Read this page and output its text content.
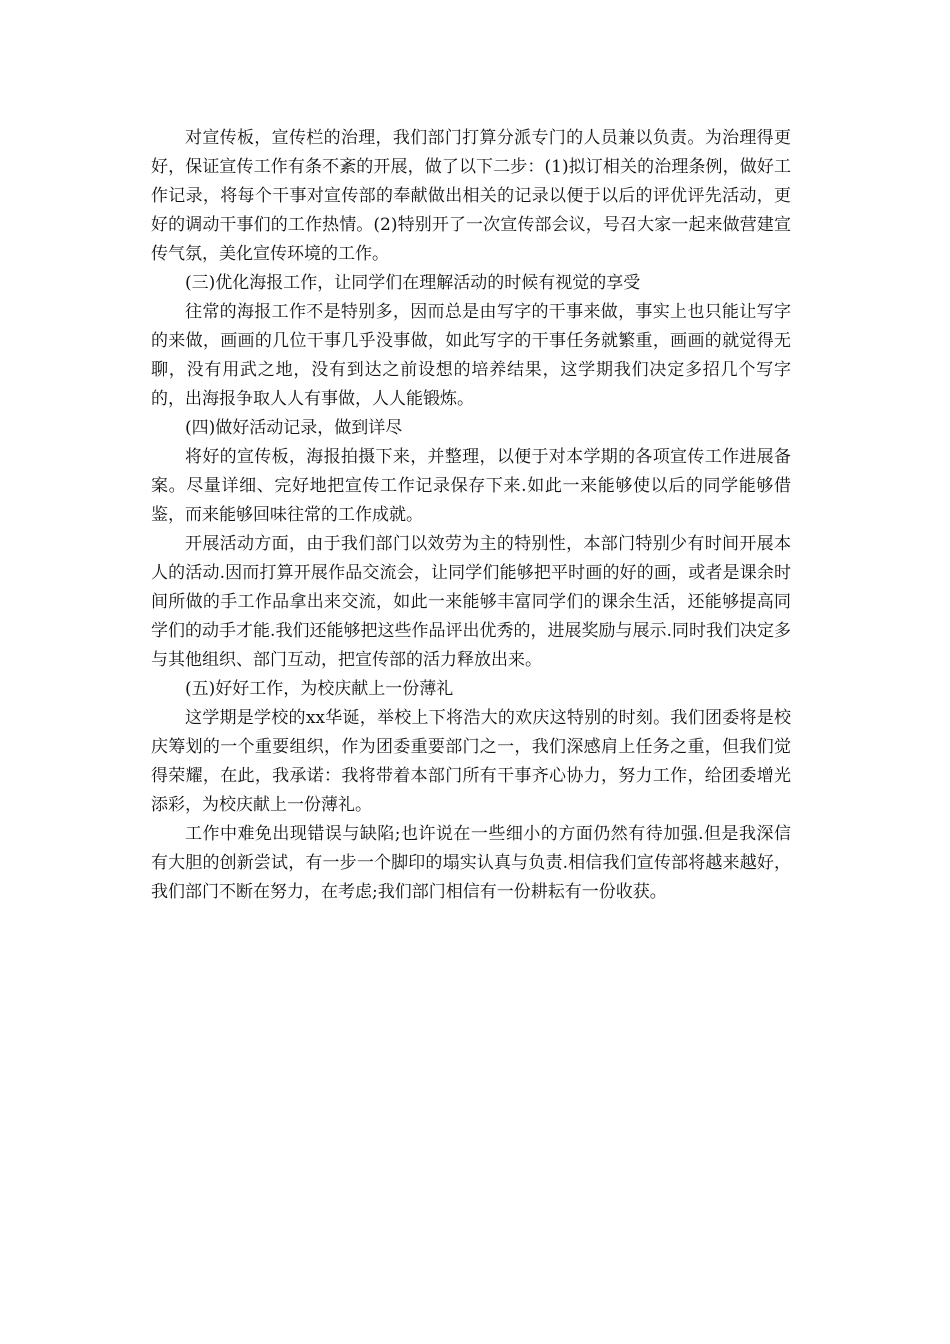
对宣传板，宣传栏的治理，我们部门打算分派专门的人员兼以负责。为治理得更好，保证宣传工作有条不紊的开展，做了以下二步：(1)拟订相关的治理条例，做好工作记录，将每个干事对宣传部的奉献做出相关的记录以便于以后的评优评先活动，更好的调动干事们的工作热情。(2)特别开了一次宣传部会议，号召大家一起来做营建宣传气氛，美化宣传环境的工作。

(三)优化海报工作，让同学们在理解活动的时候有视觉的享受

往常的海报工作不是特别多，因而总是由写字的干事来做，事实上也只能让写字的来做，画画的几位干事几乎没事做，如此写字的干事任务就繁重，画画的就觉得无聊，没有用武之地，没有到达之前设想的培养结果，这学期我们决定多招几个写字的，出海报争取人人有事做，人人能锻炼。

(四)做好活动记录，做到详尽

将好的宣传板，海报拍摄下来，并整理，以便于对本学期的各项宣传工作进展备案。尽量详细、完好地把宣传工作记录保存下来.如此一来能够使以后的同学能够借鉴，而来能够回味往常的工作成就。

开展活动方面，由于我们部门以效劳为主的特别性，本部门特别少有时间开展本人的活动.因而打算开展作品交流会，让同学们能够把平时画的好的画，或者是课余时间所做的手工作品拿出来交流，如此一来能够丰富同学们的课余生活，还能够提高同学们的动手才能.我们还能够把这些作品评出优秀的，进展奖励与展示.同时我们决定多与其他组织、部门互动，把宣传部的活力释放出来。

(五)好好工作，为校庆献上一份薄礼

这学期是学校的xx华诞，举校上下将浩大的欢庆这特别的时刻。我们团委将是校庆筹划的一个重要组织，作为团委重要部门之一，我们深感肩上任务之重，但我们觉得荣耀，在此，我承诺：我将带着本部门所有干事齐心协力，努力工作，给团委增光添彩，为校庆献上一份薄礼。

工作中难免出现错误与缺陷;也许说在一些细小的方面仍然有待加强.但是我深信有大胆的创新尝试，有一步一个脚印的塌实认真与负责.相信我们宣传部将越来越好，我们部门不断在努力，在考虑;我们部门相信有一份耕耘有一份收获。
